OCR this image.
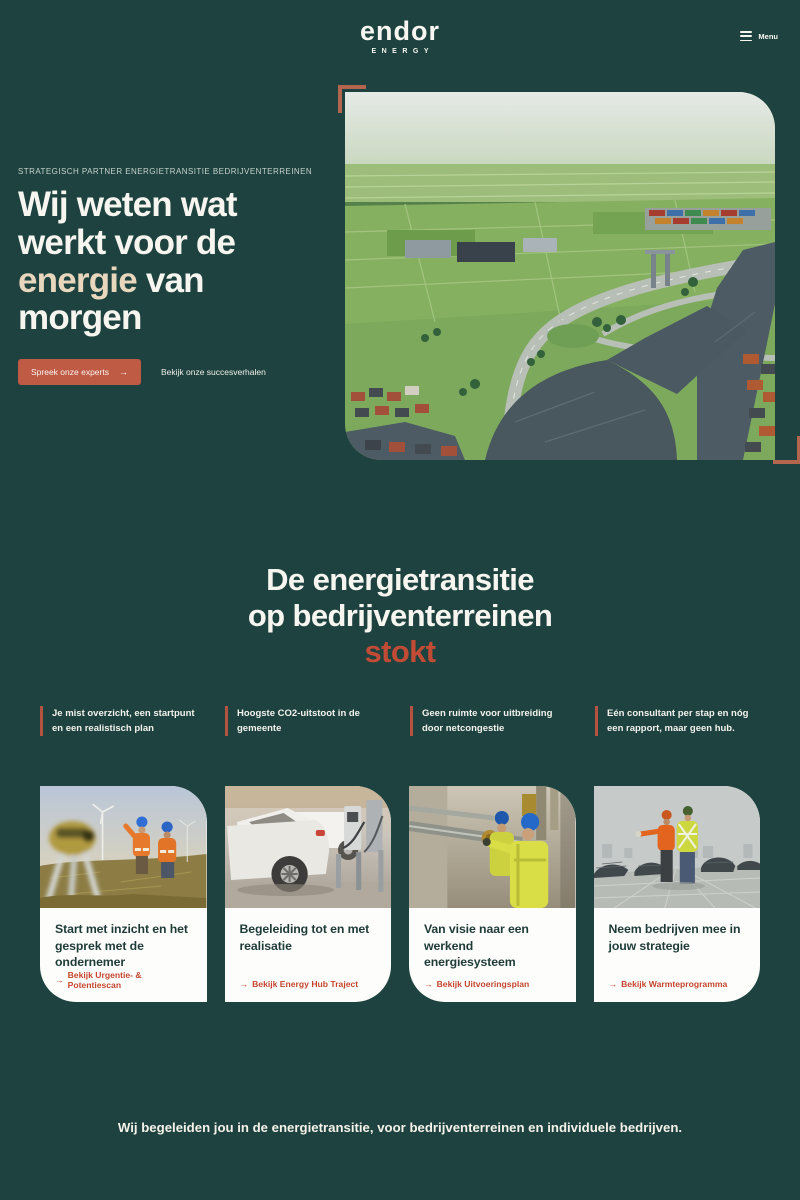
endor
ENERGY
Menu
STRATEGISCH PARTNER ENERGIETRANSITIE BEDRIJVENTERREINEN
Wij weten wat werkt voor de energie van morgen
Spreek onze experts →	Bekijk onze succesverhalen
De energietransitie
op bedrijventerreinen
stokt
Je mist overzicht, een startpunt en een realistisch plan
Hoogste CO2-uitstoot in de gemeente
Geen ruimte voor uitbreiding door netcongestie
Eén consultant per stap en nóg een rapport, maar geen hub.
Start met inzicht en het gesprek met de ondernemer
→ Bekijk Urgentie- & Potentiescan
Begeleiding tot en met realisatie
→ Bekijk Energy Hub Traject
Van visie naar een werkend energiesysteem
→ Bekijk Uitvoeringsplan
Neem bedrijven mee in jouw strategie
→ Bekijk Warmteprogramma
Wij begeleiden jou in de energietransitie, voor bedrijventerreinen en individuele bedrijven.
